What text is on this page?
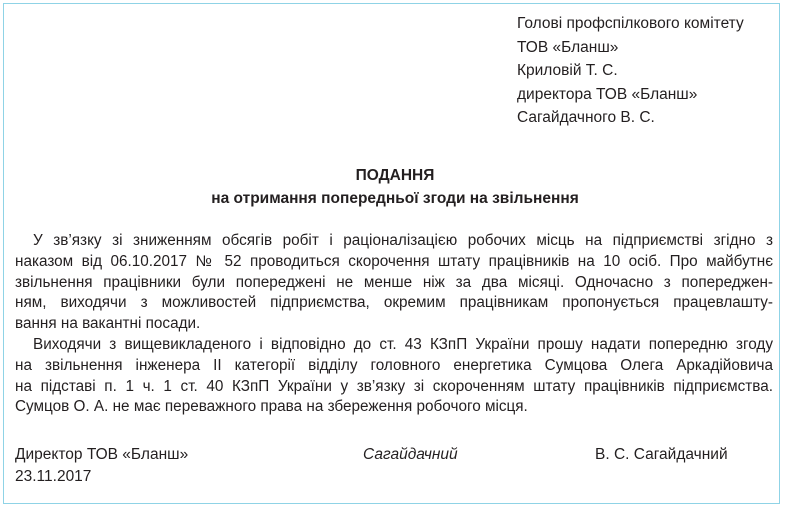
Голові профспілкового комітету
ТОВ «Бланш»
Криловій Т. С.
директора ТОВ «Бланш»
Сагайдачного В. С.
ПОДАННЯ
на отримання попередньої згоди на звільнення
У зв’язку зі зниженням обсягів робіт і раціоналізацією робочих місць на підприємстві згідно з
наказом від 06.10.2017 № 52 проводиться скорочення штату працівників на 10 осіб. Про майбутнє
звільнення працівники були попереджені не менше ніж за два місяці. Одночасно з попереджен-
ням, виходячи з можливостей підприємства, окремим працівникам пропонується працевлашту-
вання на вакантні посади.
Виходячи з вищевикладеного і відповідно до ст. 43 КЗпП України прошу надати попередню згоду
на звільнення інженера ІІ категорії відділу головного енергетика Сумцова Олега Аркадійовича
на підставі п. 1 ч. 1 ст. 40 КЗпП України у зв’язку зі скороченням штату працівників підприємства.
Сумцов О. А. не має переважного права на збереження робочого місця.
Директор ТОВ «Бланш»	Сагайдачний	В. С. Сагайдачний
23.11.2017
